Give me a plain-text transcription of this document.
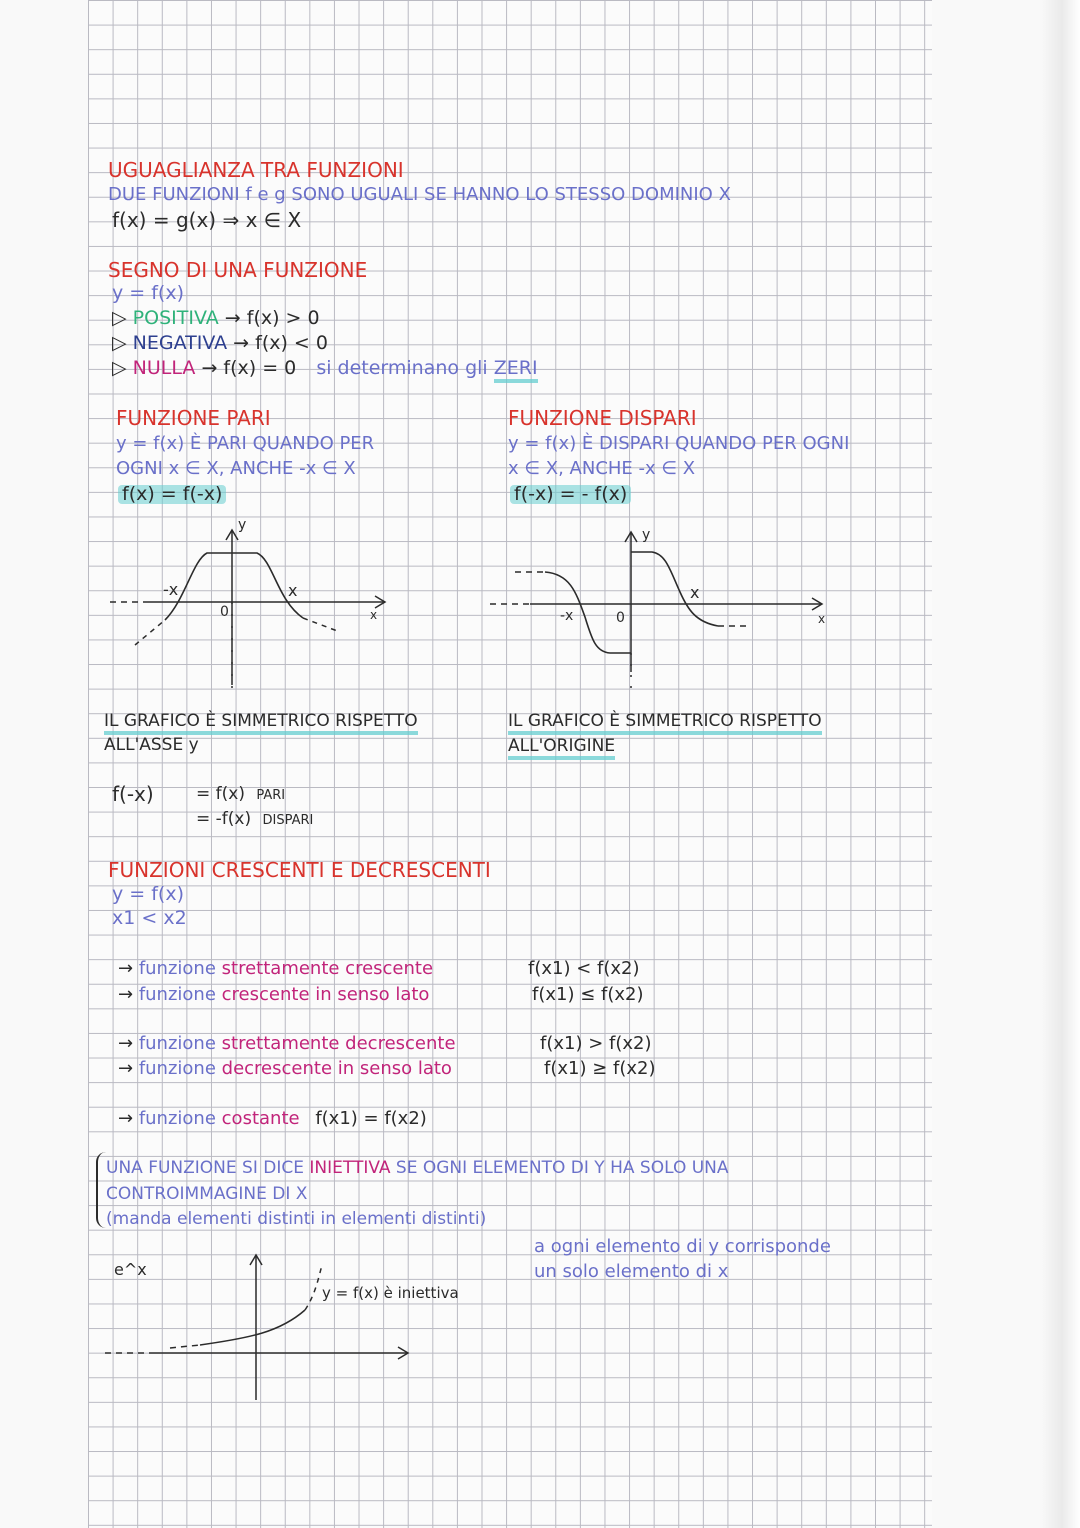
UGUAGLIANZA TRA FUNZIONI
DUE FUNZIONI f e g SONO UGUALI SE HANNO LO STESSO DOMINIO X
f(x) = g(x) ⇒ x ∈ X
SEGNO DI UNA FUNZIONE
y = f(x)
▷ POSITIVA → f(x) > 0
▷ NEGATIVA → f(x) < 0
▷ NULLA → f(x) = 0 si determinano gli ZERI
FUNZIONE PARI
y = f(x) È PARI QUANDO PER
OGNI x ∈ X, ANCHE -x ∈ X
f(x) = f(-x)
y
-x
0
x
x
IL GRAFICO È SIMMETRICO RISPETTO
ALL'ASSE y
FUNZIONE DISPARI
y = f(x) È DISPARI QUANDO PER OGNI
x ∈ X, ANCHE -x ∈ X
f(-x) = - f(x)
y
-x	0
x
x
IL GRAFICO È SIMMETRICO RISPETTO
ALL'ORIGINE
f(-x) = f(x) PARI
= -f(x) DISPARI
FUNZIONI CRESCENTI E DECRESCENTI
y = f(x)
x1 < x2
→ funzione strettamente crescente	f(x1) < f(x2)
→ funzione crescente in senso lato	f(x1) ≤ f(x2)
→ funzione strettamente decrescente	f(x1) > f(x2)
→ funzione decrescente in senso lato	f(x1) ≥ f(x2)
→ funzione costante f(x1) = f(x2)
UNA FUNZIONE SI DICE INIETTIVA SE OGNI ELEMENTO DI Y HA SOLO UNA
CONTROIMMAGINE DI X
(manda elementi distinti in elementi distinti)
a ogni elemento di y corrisponde
un solo elemento di x
e^x
y = f(x) è iniettiva
